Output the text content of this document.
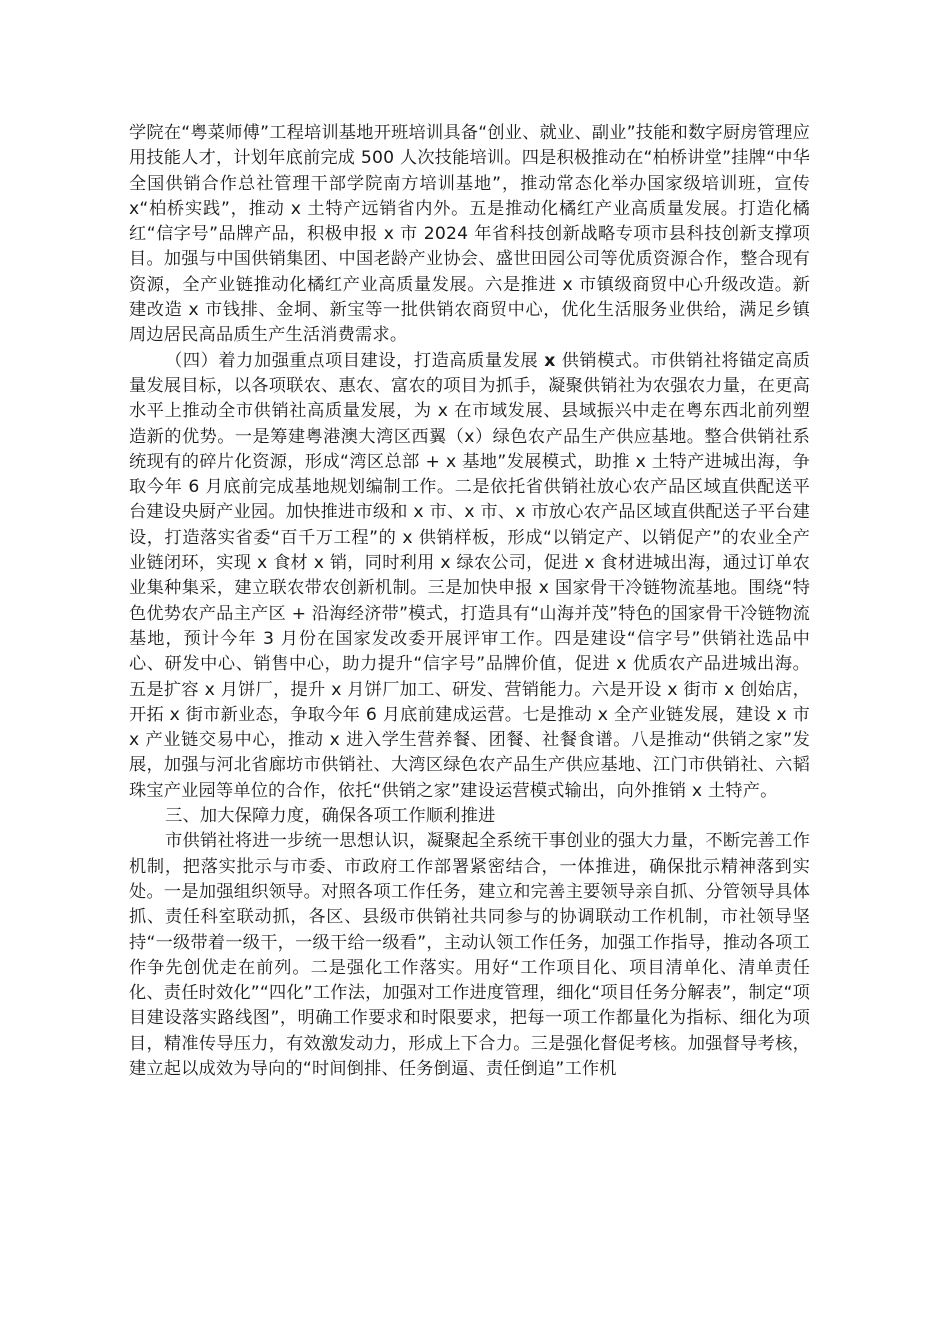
学院在“粤菜师傅”工程培训基地开班培训具备“创业、就业、副业”技能和数字厨房管理应用技能人才，计划年底前完成 500 人次技能培训。四是积极推动在“柏桥讲堂”挂牌“中华全国供销合作总社管理干部学院南方培训基地”，推动常态化举办国家级培训班，宣传 x“柏桥实践”，推动 x 土特产远销省内外。五是推动化橘红产业高质量发展。打造化橘红“信字号”品牌产品，积极申报 x 市 2024 年省科技创新战略专项市县科技创新支撑项目。加强与中国供销集团、中国老龄产业协会、盛世田园公司等优质资源合作，整合现有资源，全产业链推动化橘红产业高质量发展。六是推进 x 市镇级商贸中心升级改造。新建改造 x 市钱排、金垌、新宝等一批供销农商贸中心，优化生活服务业供给，满足乡镇周边居民高品质生产生活消费需求。

（四）着力加强重点项目建设，打造高质量发展 x 供销模式。市供销社将锚定高质量发展目标，以各项联农、惠农、富农的项目为抓手，凝聚供销社为农强农力量，在更高水平上推动全市供销社高质量发展，为 x 在市域发展、县域振兴中走在粤东西北前列塑造新的优势。一是筹建粤港澳大湾区西翼（x）绿色农产品生产供应基地。整合供销社系统现有的碎片化资源，形成“湾区总部 + x 基地”发展模式，助推 x 土特产进城出海，争取今年 6 月底前完成基地规划编制工作。二是依托省供销社放心农产品区域直供配送平台建设央厨产业园。加快推进市级和 x 市、x 市、x 市放心农产品区域直供配送子平台建设，打造落实省委“百千万工程”的 x 供销样板，形成“以销定产、以销促产”的农业全产业链闭环，实现 x 食材 x 销，同时利用 x 绿农公司，促进 x 食材进城出海，通过订单农业集种集采，建立联农带农创新机制。三是加快申报 x 国家骨干冷链物流基地。围绕“特色优势农产品主产区 + 沿海经济带”模式，打造具有“山海并茂”特色的国家骨干冷链物流基地，预计今年 3 月份在国家发改委开展评审工作。四是建设“信字号”供销社选品中心、研发中心、销售中心，助力提升“信字号”品牌价值，促进 x 优质农产品进城出海。五是扩容 x 月饼厂，提升 x 月饼厂加工、研发、营销能力。六是开设 x 街市 x 创始店，开拓 x 街市新业态，争取今年 6 月底前建成运营。七是推动 x 全产业链发展，建设 x 市 x 产业链交易中心，推动 x 进入学生营养餐、团餐、社餐食谱。八是推动“供销之家”发展，加强与河北省廊坊市供销社、大湾区绿色农产品生产供应基地、江门市供销社、六韬珠宝产业园等单位的合作，依托“供销之家”建设运营模式输出，向外推销 x 土特产。

三、加大保障力度，确保各项工作顺利推进

市供销社将进一步统一思想认识，凝聚起全系统干事创业的强大力量，不断完善工作机制，把落实批示与市委、市政府工作部署紧密结合，一体推进，确保批示精神落到实处。一是加强组织领导。对照各项工作任务，建立和完善主要领导亲自抓、分管领导具体抓、责任科室联动抓，各区、县级市供销社共同参与的协调联动工作机制，市社领导坚持“一级带着一级干，一级干给一级看”，主动认领工作任务，加强工作指导，推动各项工作争先创优走在前列。二是强化工作落实。用好“工作项目化、项目清单化、清单责任化、责任时效化”“四化”工作法，加强对工作进度管理，细化“项目任务分解表”，制定“项目建设落实路线图”，明确工作要求和时限要求，把每一项工作都量化为指标、细化为项目，精准传导压力，有效激发动力，形成上下合力。三是强化督促考核。加强督导考核，建立起以成效为导向的“时间倒排、任务倒逼、责任倒追”工作机
